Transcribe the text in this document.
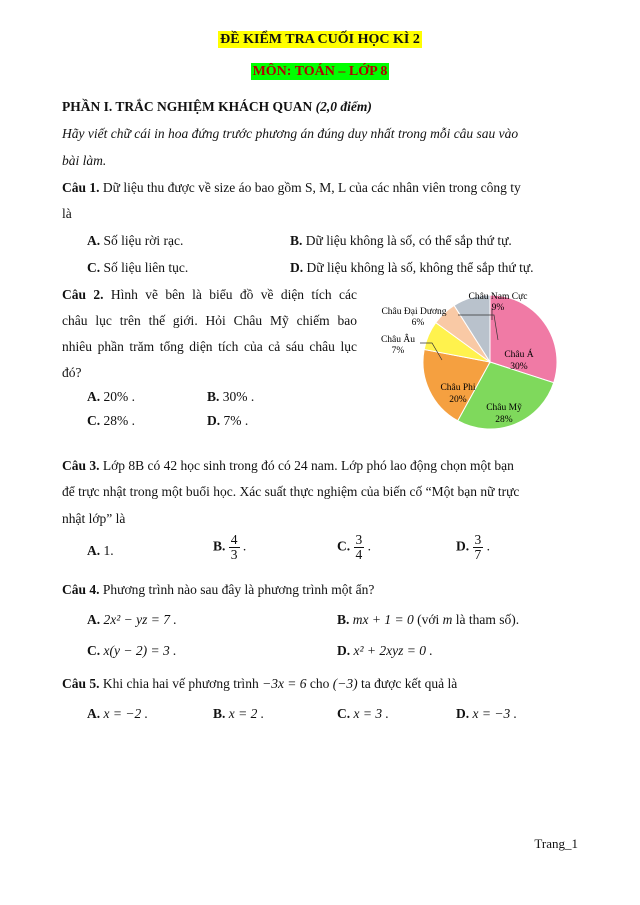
ĐỀ KIỂM TRA CUỐI HỌC KÌ 2
MÔN: TOÁN – LỚP 8
PHẦN I. TRẮC NGHIỆM KHÁCH QUAN (2,0 điểm)
Hãy viết chữ cái in hoa đứng trước phương án đúng duy nhất trong mỗi câu sau vào
bài làm.
Câu 1. Dữ liệu thu được về size áo bao gồm S, M, L của các nhân viên trong công ty
là
A. Số liệu rời rạc.	B. Dữ liệu không là số, có thể sắp thứ tự.
C. Số liệu liên tục.	D. Dữ liệu không là số, không thể sắp thứ tự.
Câu 2. Hình vẽ bên là biểu đồ về diện tích các
châu lục trên thế giới. Hỏi Châu Mỹ chiếm bao
nhiêu phần trăm tổng diện tích của cả sáu châu lục
đó?
A. 20% .	B. 30% .
C. 28% .	D. 7% .
Châu Nam Cực
9%
Châu Đại Dương
6%
Châu Âu
7%	Châu Á
30%
Châu Phi
20%
Châu Mỹ
28%
Câu 3. Lớp 8B có 42 học sinh trong đó có 24 nam. Lớp phó lao động chọn một bạn
để trực nhật trong một buổi học. Xác suất thực nghiệm của biến cố “Một bạn nữ trực
nhật lớp” là
A. 1.	B. $\frac{4}{3}$ .	C. $\frac{3}{4}$ .	D. $\frac{3}{7}$ .
Câu 4. Phương trình nào sau đây là phương trình một ẩn?
A. 2x² − yz = 7 .	B. mx + 1 = 0 (với m là tham số).
C. x(y − 2) = 3 .	D. x² + 2xyz = 0 .
Câu 5. Khi chia hai vế phương trình −3x = 6 cho (−3) ta được kết quả là
A. x = −2 .	B. x = 2 .	C. x = 3 .	D. x = −3 .
Trang_1
